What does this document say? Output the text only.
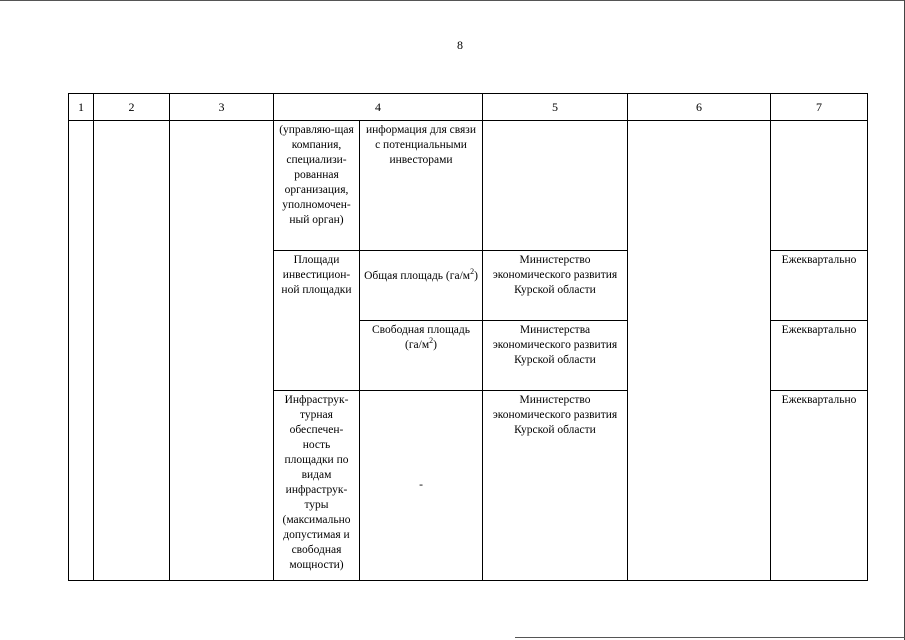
8
1	2	3	4		5	6	7
			(управляю-щая компания, специализи-рованная организация, уполномочен-ный орган)	информация для связи с потенциальными инвесторами			
			Площади инвестицион-ной площадки	Общая площадь $(га/м^2)$	Министерство экономического развития Курской области		Ежеквартально
				Свободная площадь $(га/м^2)$	Министерства экономического развития Курской области		Ежеквартально
			Инфраструк-турная обеспечен-ность площадки по видам инфраструк-туры (максимально допустимая и свободная мощности)	-	Министерство экономического развития Курской области		Ежеквартально
